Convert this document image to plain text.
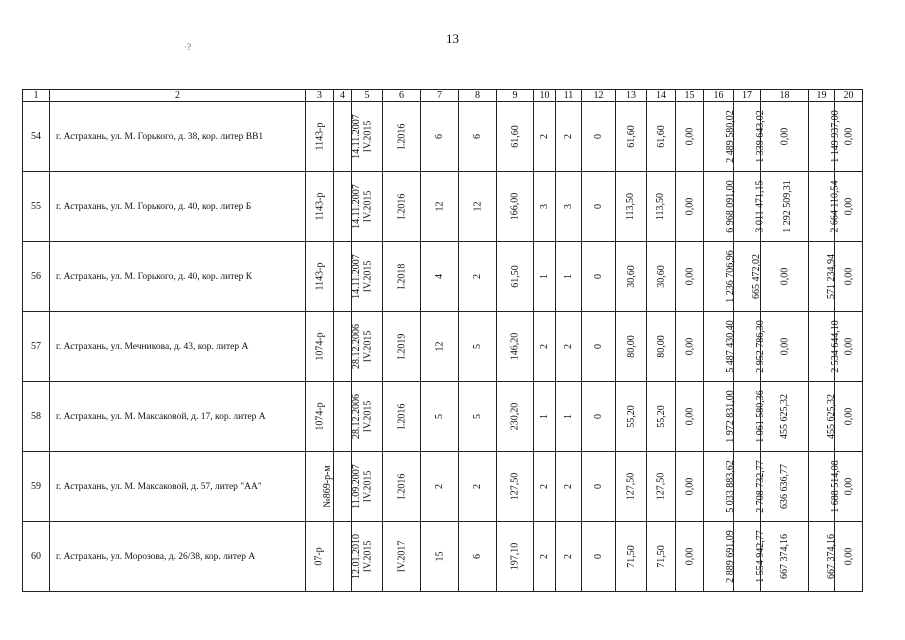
13
·?
1	2	3	4	5	6	7	8	9	10	11	12	13	14	15	16	17	18	19	20
54	г. Астрахань, ул. М. Горького, д. 38, кор. литер ВВ1	1143-р	14.11.2007	IV.2015	I.2016	6	6	61,60	2	2	0	61,60	61,60	0,00	2 489 580,02	1 339 643,02	0,00	1 149 937,00	0,00
55	г. Астрахань, ул. М. Горького, д. 40, кор. литер Б	1143-р	14.11.2007	IV.2015	I.2016	12	12	166,00	3	3	0	113,50	113,50	0,00	6 968 091,00	3 011 471,15	1 292 509,31	2 664 110,54	0,00
56	г. Астрахань, ул. М. Горького, д. 40, кор. литер К	1143-р	14.11.2007	IV.2015	I.2018	4	2	61,50	1	1	0	30,60	30,60	0,00	1 236 706,96	665 472,02	0,00	571 234,94	0,00
57	г. Астрахань, ул. Мечникова, д. 43, кор. литер А	1074-р	28.12.2006	IV.2015	I.2019	12	5	146,20	2	2	0	80,00	80,00	0,00	5 487 430,40	2 952 786,30	0,00	2 534 644,10	0,00
58	г. Астрахань, ул. М. Максаковой, д. 17, кор. литер А	1074-р	28.12.2006	IV.2015	I.2016	5	5	230,20	1	1	0	55,20	55,20	0,00	1 972 831,00	1 061 580,36	455 625,32	455 625,32	0,00
59	г. Астрахань, ул. М. Максаковой, д. 57, литер "АА"	№869-р-м	11.09.2007	IV.2015	I.2016	2	2	127,50	2	2	0	127,50	127,50	0,00	5 033 883,62	2 708 732,77	636 636,77	1 688 514,08	0,00
60	г. Астрахань, ул. Морозова, д. 26/38, кор. литер А	07-р	12.01.2010	IV.2015	IV.2017	15	6	197,10	2	2	0	71,50	71,50	0,00	2 889 691,09	1 554 942,77	667 374,16	667 374,16	0,00
